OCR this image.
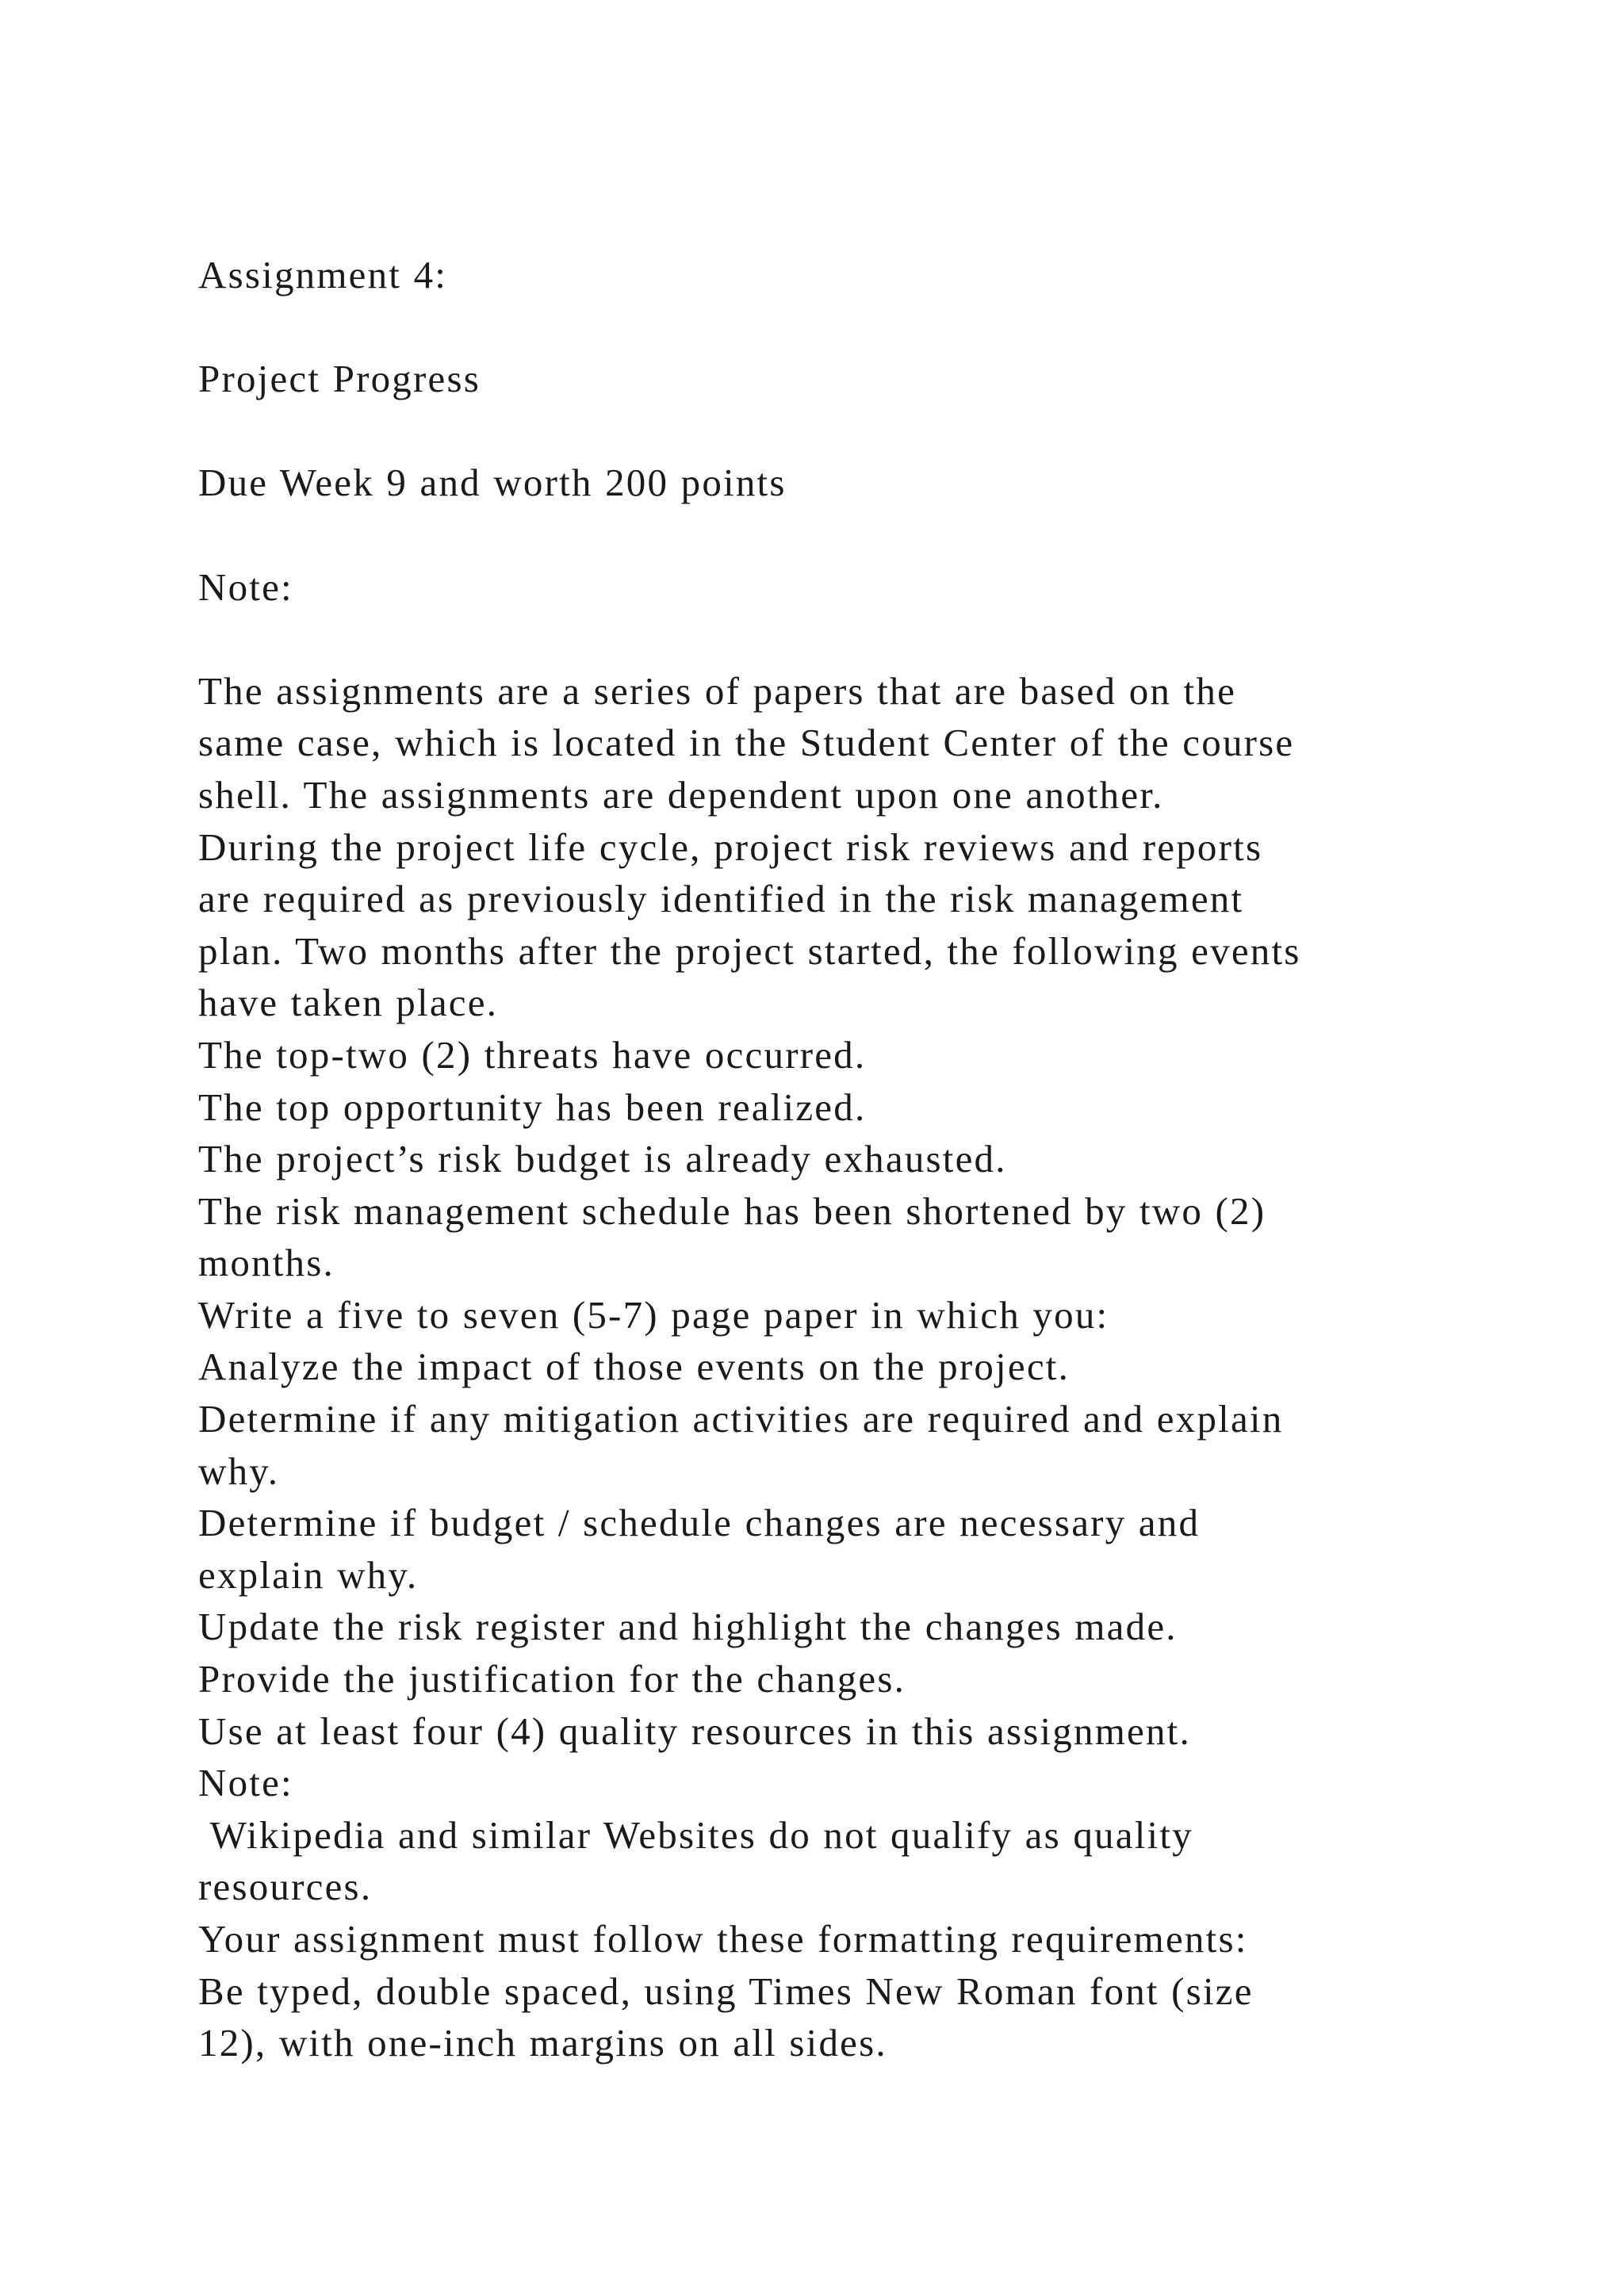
Assignment 4:
Project Progress
Due Week 9 and worth 200 points
Note:
The assignments are a series of papers that are based on the
same case, which is located in the Student Center of the course
shell. The assignments are dependent upon one another.
During the project life cycle, project risk reviews and reports
are required as previously identified in the risk management
plan. Two months after the project started, the following events
have taken place.
The top-two (2) threats have occurred.
The top opportunity has been realized.
The project’s risk budget is already exhausted.
The risk management schedule has been shortened by two (2)
months.
Write a five to seven (5-7) page paper in which you:
Analyze the impact of those events on the project.
Determine if any mitigation activities are required and explain
why.
Determine if budget / schedule changes are necessary and
explain why.
Update the risk register and highlight the changes made.
Provide the justification for the changes.
Use at least four (4) quality resources in this assignment.
Note:
Wikipedia and similar Websites do not qualify as quality
resources.
Your assignment must follow these formatting requirements:
Be typed, double spaced, using Times New Roman font (size
12), with one-inch margins on all sides.
